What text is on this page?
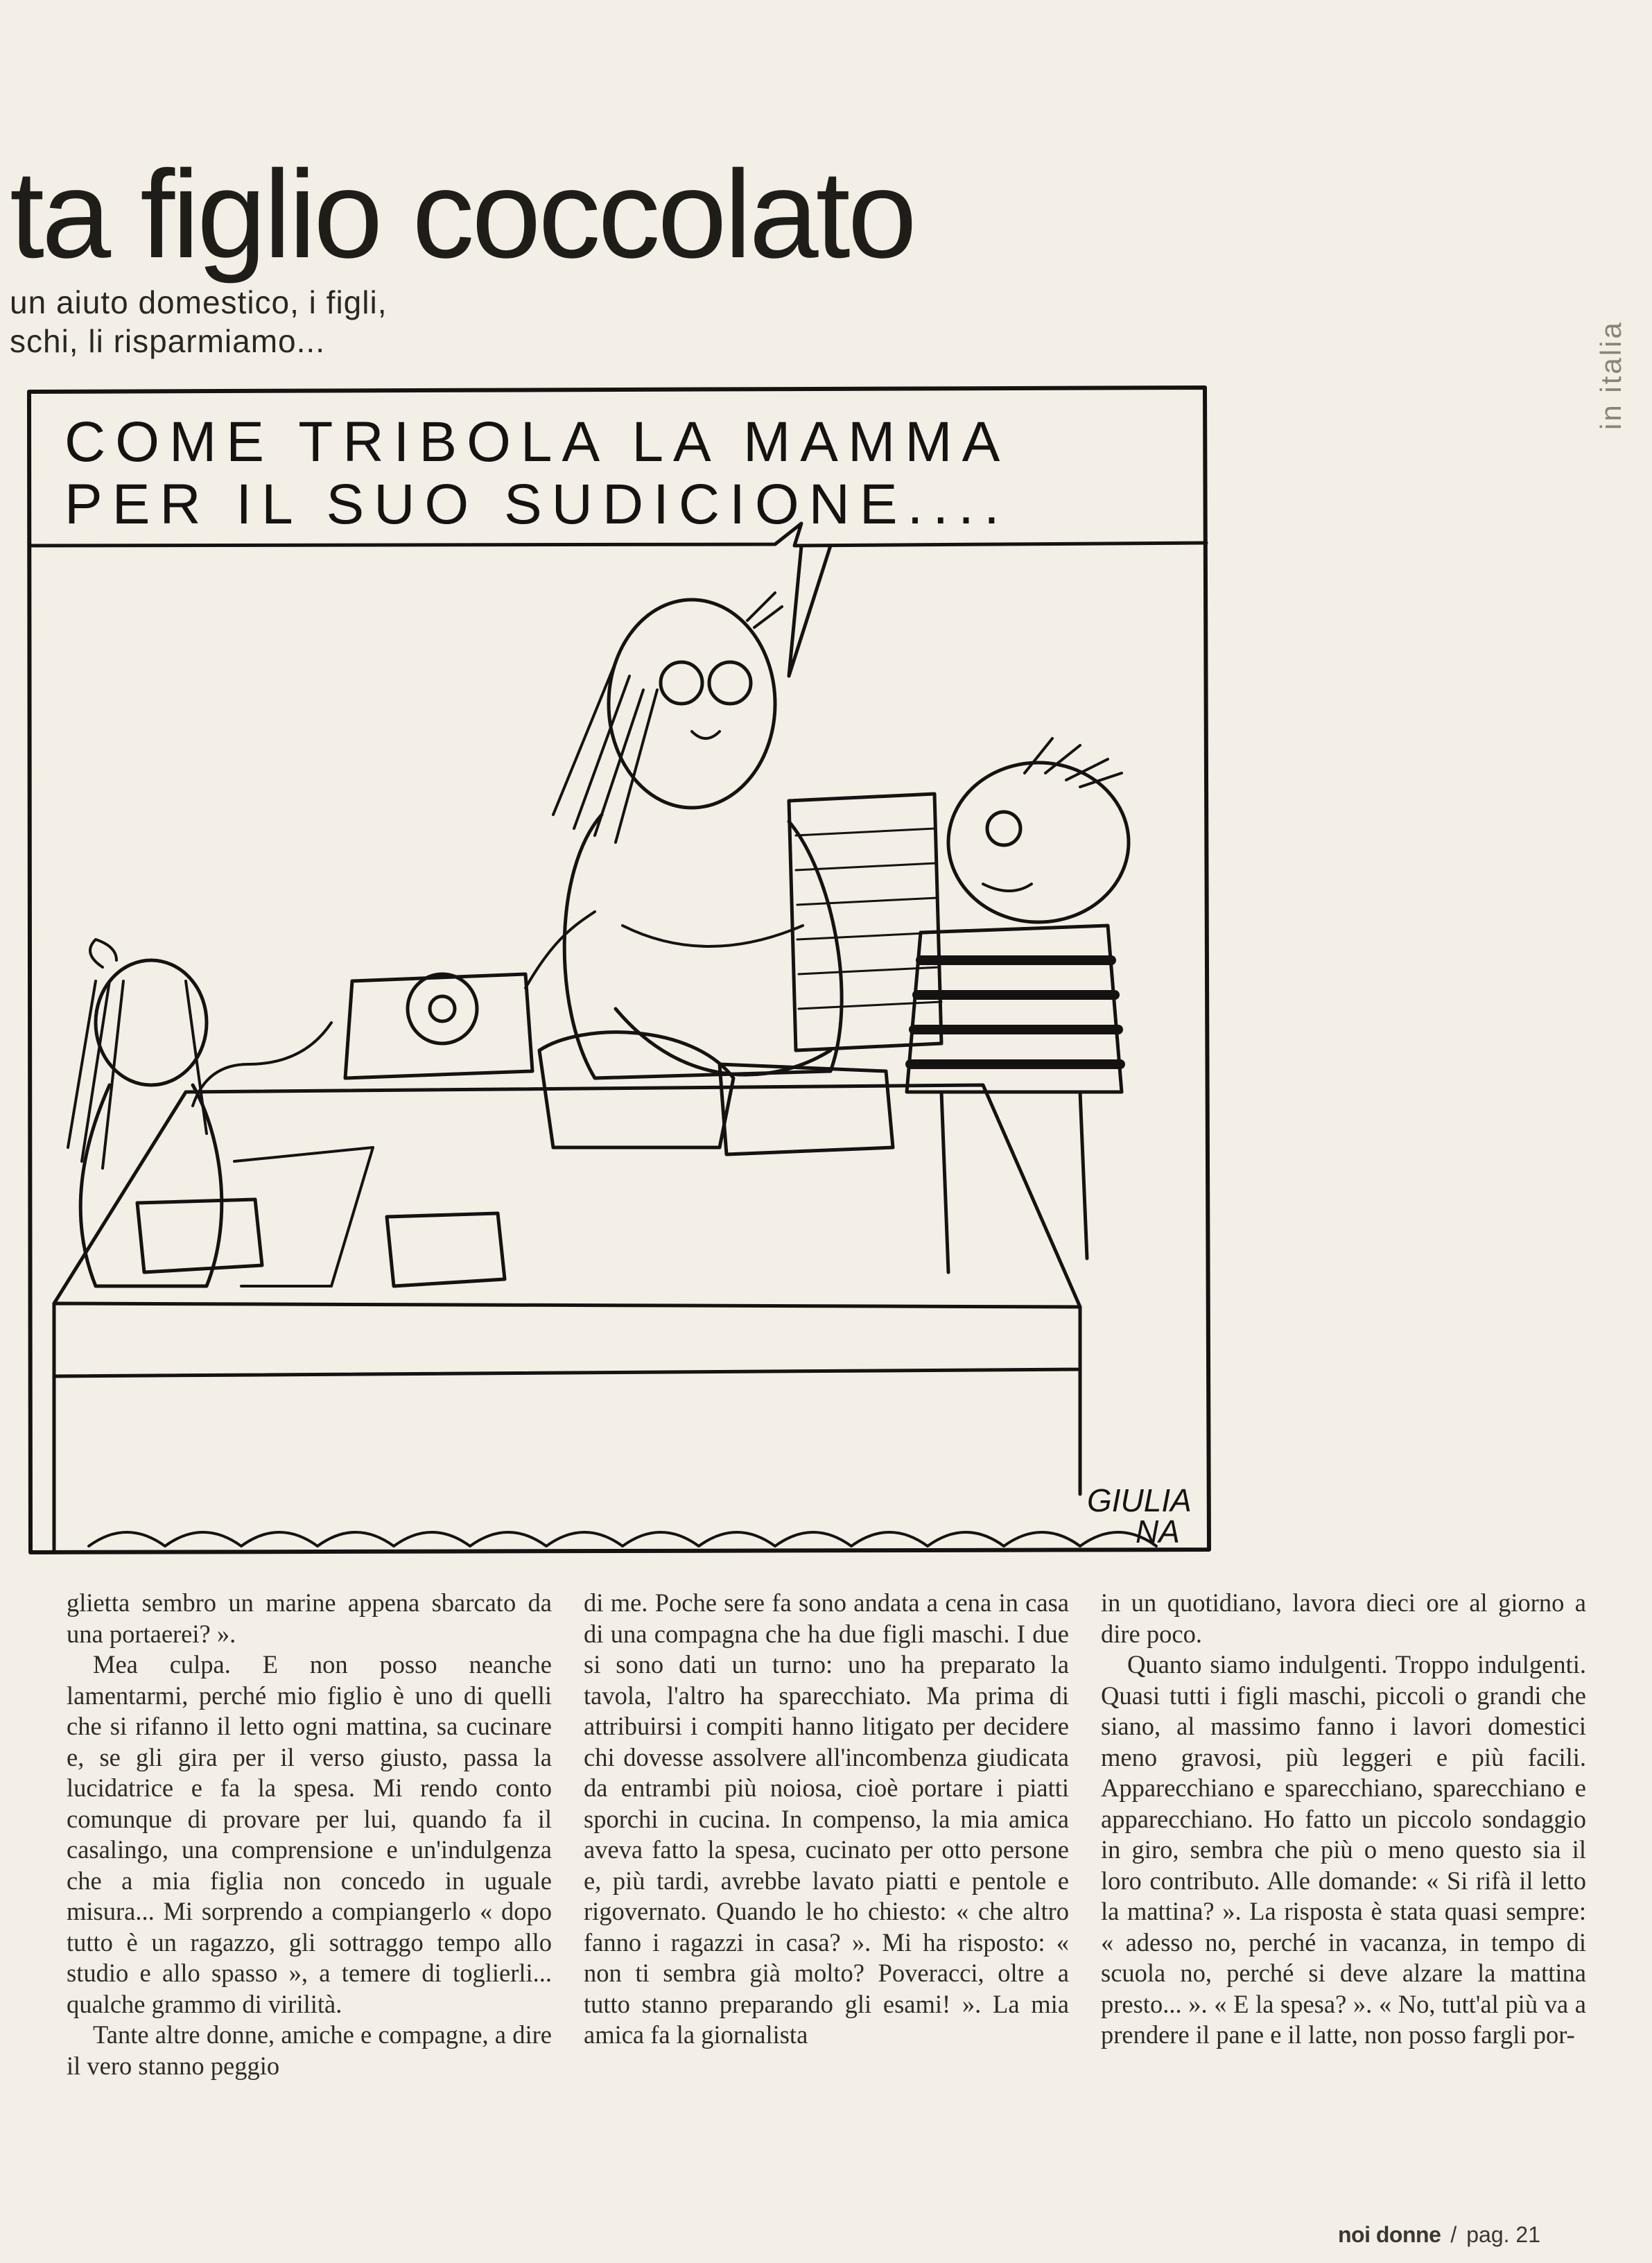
ta figlio coccolato
un aiuto domestico, i figli,
schi, li risparmiamo...	in italia
COME TRIBOLA LA MAMMA
PER IL SUO SUDICIONE....
GIULIA
NA

glietta sembro un marine appena sbarcato da una portaerei? ».

Mea culpa. E non posso neanche lamentarmi, perché mio figlio è uno di quelli che si rifanno il letto ogni mattina, sa cucinare e, se gli gira per il verso giusto, passa la lucidatrice e fa la spesa. Mi rendo conto comunque di provare per lui, quando fa il casalingo, una comprensione e un'indulgenza che a mia figlia non concedo in uguale misura... Mi sorprendo a compiangerlo « dopo tutto è un ragazzo, gli sottraggo tempo allo studio e allo spasso », a temere di toglierli... qualche grammo di virilità.

Tante altre donne, amiche e compagne, a dire il vero stanno peggio

di me. Poche sere fa sono andata a cena in casa di una compagna che ha due figli maschi. I due si sono dati un turno: uno ha preparato la tavola, l'altro ha sparecchiato. Ma prima di attribuirsi i compiti hanno litigato per decidere chi dovesse assolvere all'incombenza giudicata da entrambi più noiosa, cioè portare i piatti sporchi in cucina. In compenso, la mia amica aveva fatto la spesa, cucinato per otto persone e, più tardi, avrebbe lavato piatti e pentole e rigovernato. Quando le ho chiesto: « che altro fanno i ragazzi in casa? ». Mi ha risposto: « non ti sembra già molto? Poveracci, oltre a tutto stanno preparando gli esami! ». La mia amica fa la giornalista

in un quotidiano, lavora dieci ore al giorno a dire poco.

Quanto siamo indulgenti. Troppo indulgenti. Quasi tutti i figli maschi, piccoli o grandi che siano, al massimo fanno i lavori domestici meno gravosi, più leggeri e più facili. Apparecchiano e sparecchiano, sparecchiano e apparecchiano. Ho fatto un piccolo sondaggio in giro, sembra che più o meno questo sia il loro contributo. Alle domande: « Si rifà il letto la mattina? ». La risposta è stata quasi sempre: « adesso no, perché in vacanza, in tempo di scuola no, perché si deve alzare la mattina presto... ». « E la spesa? ». « No, tutt'al più va a prendere il pane e il latte, non posso fargli por-

noi donne / pag. 21
